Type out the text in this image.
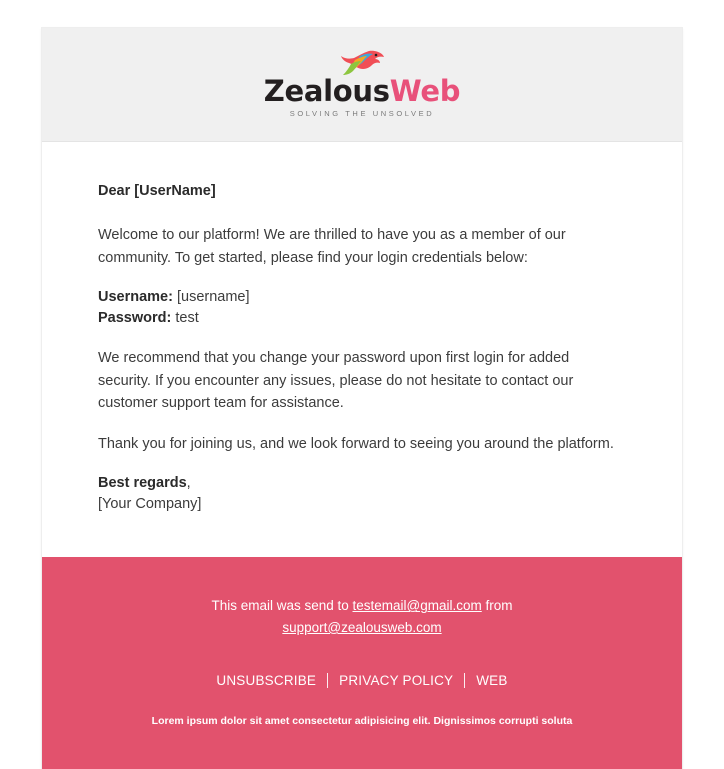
ZealousWeb
SOLVING THE UNSOLVED

Dear [UserName]

Welcome to our platform! We are thrilled to have you as a member of our community. To get started, please find your login credentials below:

Username: [username]
Password: test

We recommend that you change your password upon first login for added security. If you encounter any issues, please do not hesitate to contact our customer support team for assistance.

Thank you for joining us, and we look forward to seeing you around the platform.

Best regards,
[Your Company]

This email was send to testemail@gmail.com from
support@zealousweb.com

UNSUBSCRIBE	PRIVACY POLICY	WEB

Lorem ipsum dolor sit amet consectetur adipisicing elit. Dignissimos corrupti soluta
